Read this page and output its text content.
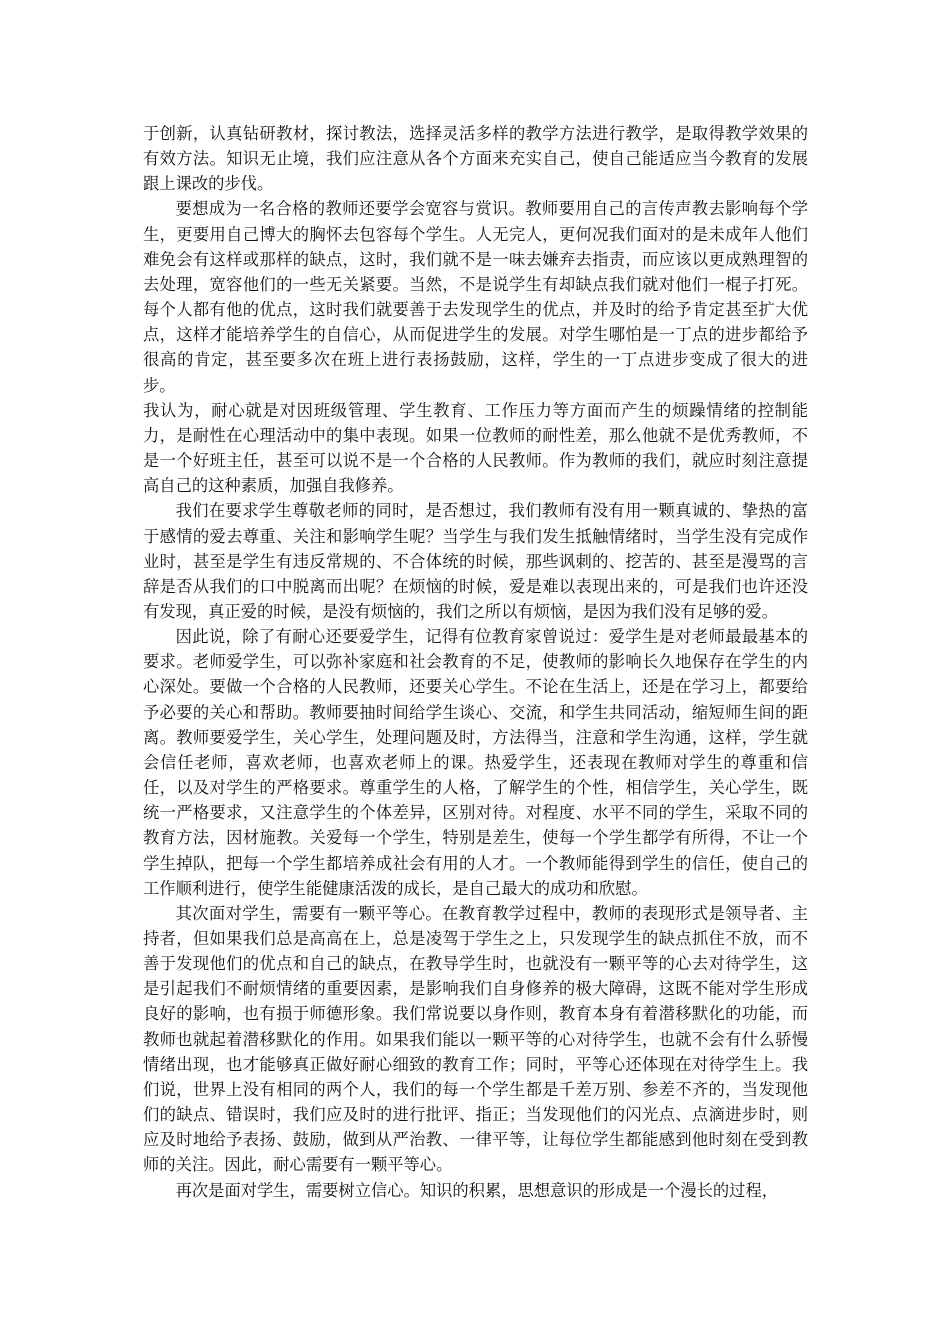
于创新，认真钻研教材，探讨教法，选择灵活多样的教学方法进行教学，是取得教学效果的有效方法。知识无止境，我们应注意从各个方面来充实自己，使自己能适应当今教育的发展跟上课改的步伐。

要想成为一名合格的教师还要学会宽容与赏识。教师要用自己的言传声教去影响每个学生，更要用自己博大的胸怀去包容每个学生。人无完人，更何况我们面对的是未成年人他们难免会有这样或那样的缺点，这时，我们就不是一味去嫌弃去指责，而应该以更成熟理智的去处理，宽容他们的一些无关紧要。当然，不是说学生有却缺点我们就对他们一棍子打死。每个人都有他的优点，这时我们就要善于去发现学生的优点，并及时的给予肯定甚至扩大优点，这样才能培养学生的自信心，从而促进学生的发展。对学生哪怕是一丁点的进步都给予很高的肯定，甚至要多次在班上进行表扬鼓励，这样，学生的一丁点进步变成了很大的进步。

我认为，耐心就是对因班级管理、学生教育、工作压力等方面而产生的烦躁情绪的控制能力，是耐性在心理活动中的集中表现。如果一位教师的耐性差，那么他就不是优秀教师，不是一个好班主任，甚至可以说不是一个合格的人民教师。作为教师的我们，就应时刻注意提高自己的这种素质，加强自我修养。

我们在要求学生尊敬老师的同时，是否想过，我们教师有没有用一颗真诚的、挚热的富于感情的爱去尊重、关注和影响学生呢？当学生与我们发生抵触情绪时，当学生没有完成作业时，甚至是学生有违反常规的、不合体统的时候，那些讽刺的、挖苦的、甚至是漫骂的言辞是否从我们的口中脱离而出呢？在烦恼的时候，爱是难以表现出来的，可是我们也许还没有发现，真正爱的时候，是没有烦恼的，我们之所以有烦恼，是因为我们没有足够的爱。

因此说，除了有耐心还要爱学生，记得有位教育家曾说过：爱学生是对老师最最基本的要求。老师爱学生，可以弥补家庭和社会教育的不足，使教师的影响长久地保存在学生的内心深处。要做一个合格的人民教师，还要关心学生。不论在生活上，还是在学习上，都要给予必要的关心和帮助。教师要抽时间给学生谈心、交流，和学生共同活动，缩短师生间的距离。教师要爱学生，关心学生，处理问题及时，方法得当，注意和学生沟通，这样，学生就会信任老师，喜欢老师，也喜欢老师上的课。热爱学生，还表现在教师对学生的尊重和信任，以及对学生的严格要求。尊重学生的人格，了解学生的个性，相信学生，关心学生，既统一严格要求，又注意学生的个体差异，区别对待。对程度、水平不同的学生，采取不同的教育方法，因材施教。关爱每一个学生，特别是差生，使每一个学生都学有所得，不让一个学生掉队，把每一个学生都培养成社会有用的人才。一个教师能得到学生的信任，使自己的工作顺利进行，使学生能健康活泼的成长，是自己最大的成功和欣慰。

其次面对学生，需要有一颗平等心。在教育教学过程中，教师的表现形式是领导者、主持者，但如果我们总是高高在上，总是凌驾于学生之上，只发现学生的缺点抓住不放，而不善于发现他们的优点和自己的缺点，在教导学生时，也就没有一颗平等的心去对待学生，这是引起我们不耐烦情绪的重要因素，是影响我们自身修养的极大障碍，这既不能对学生形成良好的影响，也有损于师德形象。我们常说要以身作则，教育本身有着潜移默化的功能，而教师也就起着潜移默化的作用。如果我们能以一颗平等的心对待学生，也就不会有什么骄慢情绪出现，也才能够真正做好耐心细致的教育工作；同时，平等心还体现在对待学生上。我们说，世界上没有相同的两个人，我们的每一个学生都是千差万别、参差不齐的，当发现他们的缺点、错误时，我们应及时的进行批评、指正；当发现他们的闪光点、点滴进步时，则应及时地给予表扬、鼓励，做到从严治教、一律平等，让每位学生都能感到他时刻在受到教师的关注。因此，耐心需要有一颗平等心。

再次是面对学生，需要树立信心。知识的积累，思想意识的形成是一个漫长的过程，
